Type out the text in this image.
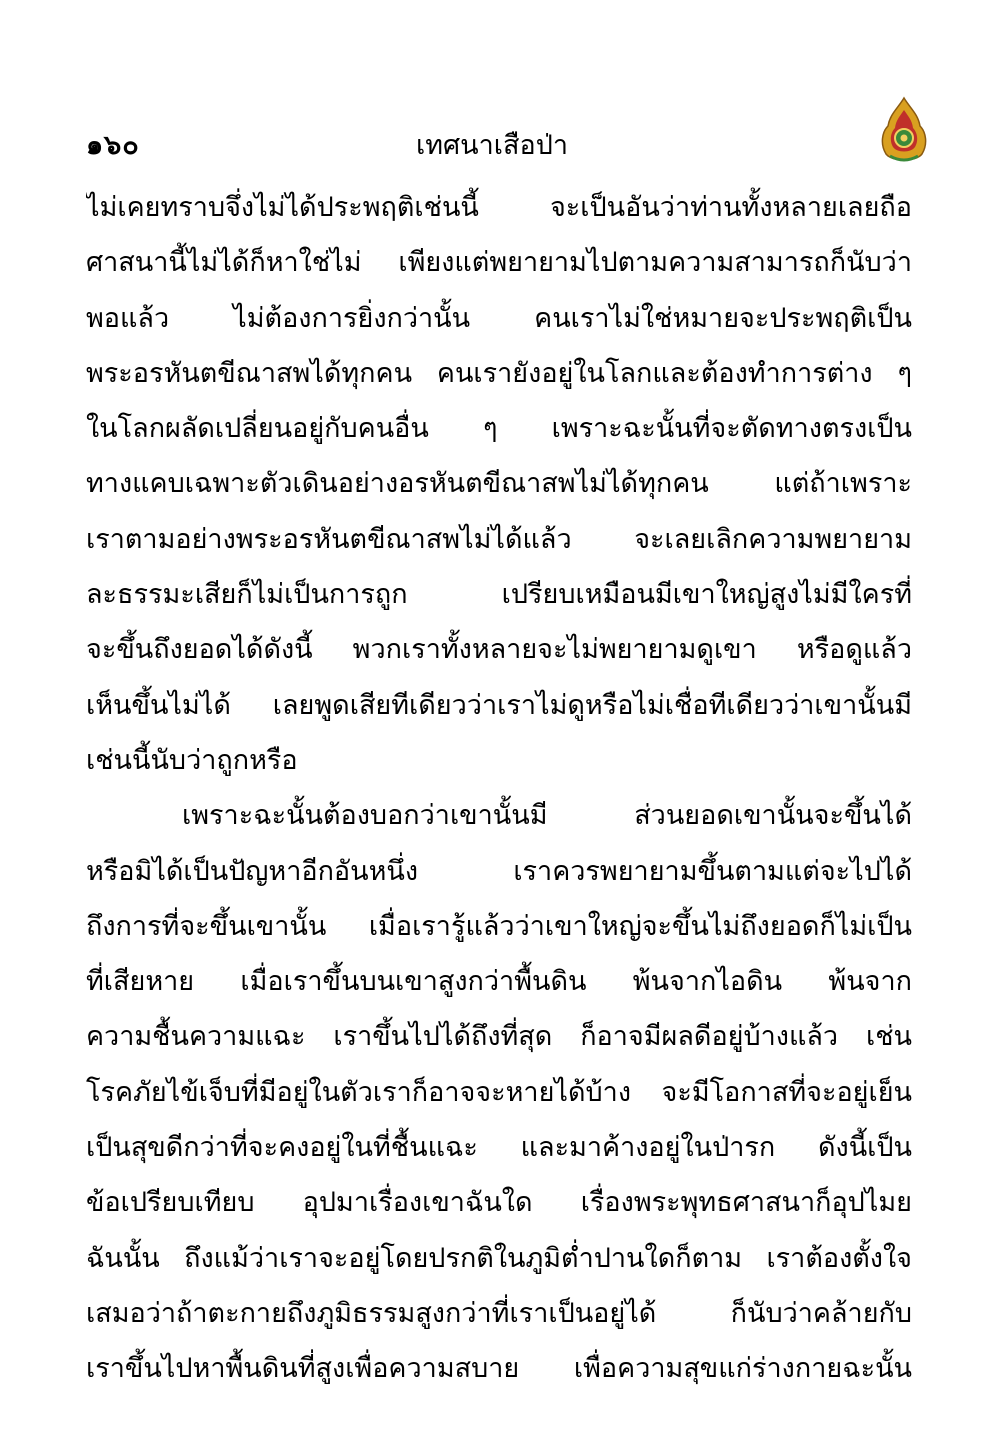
๑๖๐	เทศนาเสือป่า
ไม่เคยทราบจึ่งไม่ได้ประพฤติเช่นนี้ จะเป็นอันว่าท่านทั้งหลายเลยถือ
ศาสนานี้ไม่ได้ก็หาใช่ไม่ เพียงแต่พยายามไปตามความสามารถก็นับว่า
พอแล้ว ไม่ต้องการยิ่งกว่านั้น คนเราไม่ใช่หมายจะประพฤติเป็น
พระอรหันตขีณาสพได้ทุกคน คนเรายังอยู่ในโลกและต้องทำการต่าง ๆ
ในโลกผลัดเปลี่ยนอยู่กับคนอื่น ๆ เพราะฉะนั้นที่จะตัดทางตรงเป็น
ทางแคบเฉพาะตัวเดินอย่างอรหันตขีณาสพไม่ได้ทุกคน แต่ถ้าเพราะ
เราตามอย่างพระอรหันตขีณาสพไม่ได้แล้ว จะเลยเลิกความพยายาม
ละธรรมะเสียก็ไม่เป็นการถูก เปรียบเหมือนมีเขาใหญ่สูงไม่มีใครที่
จะขึ้นถึงยอดได้ดังนี้ พวกเราทั้งหลายจะไม่พยายามดูเขา หรือดูแล้ว
เห็นขึ้นไม่ได้ เลยพูดเสียทีเดียวว่าเราไม่ดูหรือไม่เชื่อทีเดียวว่าเขานั้นมี
เช่นนี้นับว่าถูกหรือ
เพราะฉะนั้นต้องบอกว่าเขานั้นมี ส่วนยอดเขานั้นจะขึ้นได้
หรือมิได้เป็นปัญหาอีกอันหนึ่ง เราควรพยายามขึ้นตามแต่จะไปได้
ถึงการที่จะขึ้นเขานั้น เมื่อเรารู้แล้วว่าเขาใหญ่จะขึ้นไม่ถึงยอดก็ไม่เป็น
ที่เสียหาย เมื่อเราขึ้นบนเขาสูงกว่าพื้นดิน พ้นจากไอดิน พ้นจาก
ความชื้นความแฉะ เราขึ้นไปได้ถึงที่สุด ก็อาจมีผลดีอยู่บ้างแล้ว เช่น
โรคภัยไข้เจ็บที่มีอยู่ในตัวเราก็อาจจะหายได้บ้าง จะมีโอกาสที่จะอยู่เย็น
เป็นสุขดีกว่าที่จะคงอยู่ในที่ชื้นแฉะ และมาค้างอยู่ในป่ารก ดังนี้เป็น
ข้อเปรียบเทียบ อุปมาเรื่องเขาฉันใด เรื่องพระพุทธศาสนาก็อุปไมย
ฉันนั้น ถึงแม้ว่าเราจะอยู่โดยปรกติในภูมิต่ำปานใดก็ตาม เราต้องตั้งใจ
เสมอว่าถ้าตะกายถึงภูมิธรรมสูงกว่าที่เราเป็นอยู่ได้ ก็นับว่าคล้ายกับ
เราขึ้นไปหาพื้นดินที่สูงเพื่อความสบาย เพื่อความสุขแก่ร่างกายฉะนั้น
